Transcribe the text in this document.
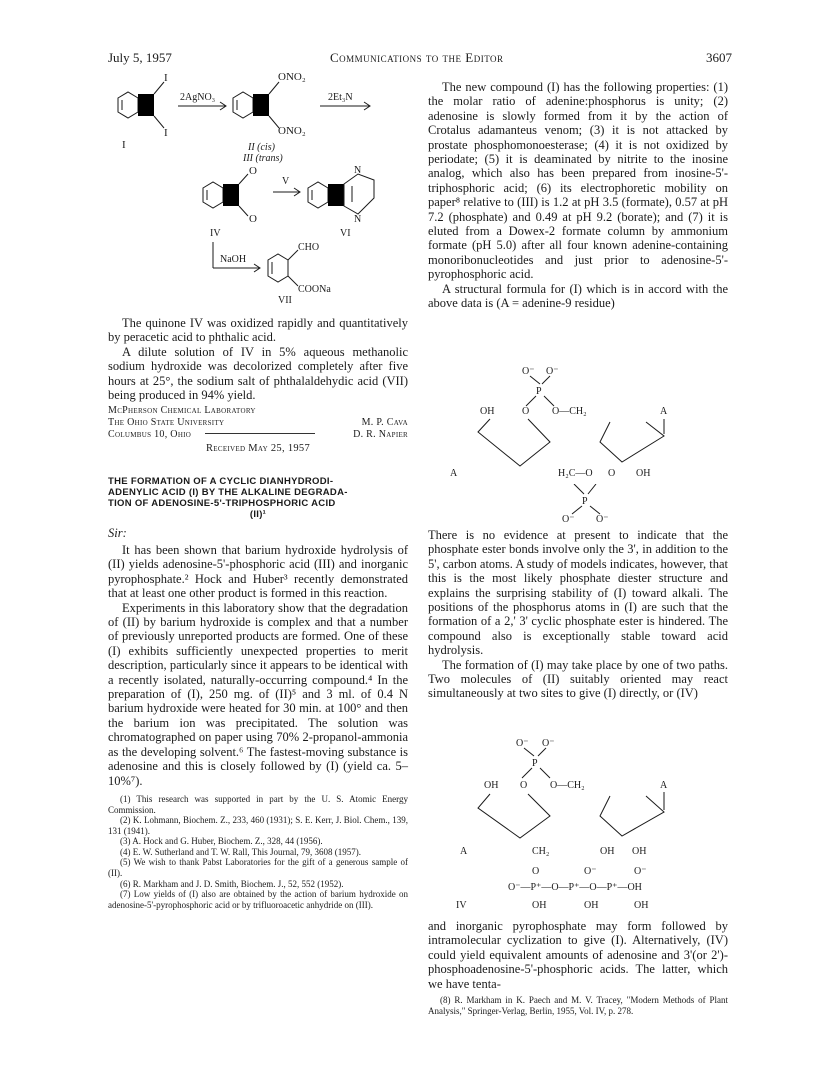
July 5, 1957	Communications to the Editor	3607
I
I
I
2AgNO₃
ONO₂
ONO₂
II (cis)
III (trans)
2Et₃N
O
O
IV
V
N
N
VI
NaOH
CHO
COONa
VII

The quinone IV was oxidized rapidly and quantitatively by peracetic acid to phthalic acid.

A dilute solution of IV in 5% aqueous methanolic sodium hydroxide was decolorized completely after five hours at 25°, the sodium salt of phthalaldehydic acid (VII) being produced in 94% yield.

McPherson Chemical Laboratory

The Ohio State University	M. P. Cava

Columbus 10, Ohio	D. R. Napier

Received May 25, 1957

THE FORMATION OF A CYCLIC DIANHYDRODI-

ADENYLIC ACID (I) BY THE ALKALINE DEGRADA-

TION OF ADENOSINE-5'-TRIPHOSPHORIC ACID

(II)¹

Sir:

It has been shown that barium hydroxide hydrolysis of (II) yields adenosine-5'-phosphoric acid (III) and inorganic pyrophosphate.² Hock and Huber³ recently demonstrated that at least one other product is formed in this reaction.

Experiments in this laboratory show that the degradation of (II) by barium hydroxide is complex and that a number of previously unreported products are formed. One of these (I) exhibits sufficiently unexpected properties to merit description, particularly since it appears to be identical with a recently isolated, naturally-occurring compound.⁴ In the preparation of (I), 250 mg. of (II)⁵ and 3 ml. of 0.4 N barium hydroxide were heated for 30 min. at 100° and then the barium ion was precipitated. The solution was chromatographed on paper using 70% 2-propanol-ammonia as the developing solvent.⁶ The fastest-moving substance is adenosine and this is closely followed by (I) (yield ca. 5–10%⁷).

(1) This research was supported in part by the U. S. Atomic Energy Commission.

(2) K. Lohmann, Biochem. Z., 233, 460 (1931); S. E. Kerr, J. Biol. Chem., 139, 131 (1941).

(3) A. Hock and G. Huber, Biochem. Z., 328, 44 (1956).

(4) E. W. Sutherland and T. W. Rall, This Journal, 79, 3608 (1957).

(5) We wish to thank Pabst Laboratories for the gift of a generous sample of (II).

(6) R. Markham and J. D. Smith, Biochem. J., 52, 552 (1952).

(7) Low yields of (I) also are obtained by the action of barium hydroxide on adenosine-5'-pyrophosphoric acid or by trifluoroacetic anhydride on (III).

The new compound (I) has the following properties: (1) the molar ratio of adenine:phosphorus is unity; (2) adenosine is slowly formed from it by the action of Crotalus adamanteus venom; (3) it is not attacked by prostate phosphomonoesterase; (4) it is not oxidized by periodate; (5) it is deaminated by nitrite to the inosine analog, which also has been prepared from inosine-5'-triphosphoric acid; (6) its electrophoretic mobility on paper⁸ relative to (III) is 1.2 at pH 3.5 (formate), 0.57 at pH 7.2 (phosphate) and 0.49 at pH 9.2 (borate); and (7) it is eluted from a Dowex-2 formate column by ammonium formate (pH 5.0) after all four known adenine-containing monoribonucleotides and just prior to adenosine-5'-pyrophosphoric acid.

A structural formula for (I) which is in accord with the above data is (A = adenine-9 residue)

O⁻ O⁻
P
OH	O O—CH₂	A
A	H₂C—O O OH
P
O⁻ O⁻

There is no evidence at present to indicate that the phosphate ester bonds involve only the 3', in addition to the 5', carbon atoms. A study of models indicates, however, that this is the most likely phosphate diester structure and explains the surprising stability of (I) toward alkali. The positions of the phosphorus atoms in (I) are such that the formation of a 2,' 3' cyclic phosphate ester is hindered. The compound also is exceptionally stable toward acid hydrolysis.

The formation of (I) may take place by one of two paths. Two molecules of (II) suitably oriented may react simultaneously at two sites to give (I) directly, or (IV)

O⁻ O⁻
P
OH O O—CH₂	A
A	CH₂	OH OH
O	O⁻	O⁻
O⁻—P⁺—O—P⁺—O—P⁺—OH
IV	OH	OH	OH

and inorganic pyrophosphate may form followed by intramolecular cyclization to give (I). Alternatively, (IV) could yield equivalent amounts of adenosine and 3'(or 2')-phosphoadenosine-5'-phosphoric acids. The latter, which we have tenta-

(8) R. Markham in K. Paech and M. V. Tracey, "Modern Methods of Plant Analysis," Springer-Verlag, Berlin, 1955, Vol. IV, p. 278.
